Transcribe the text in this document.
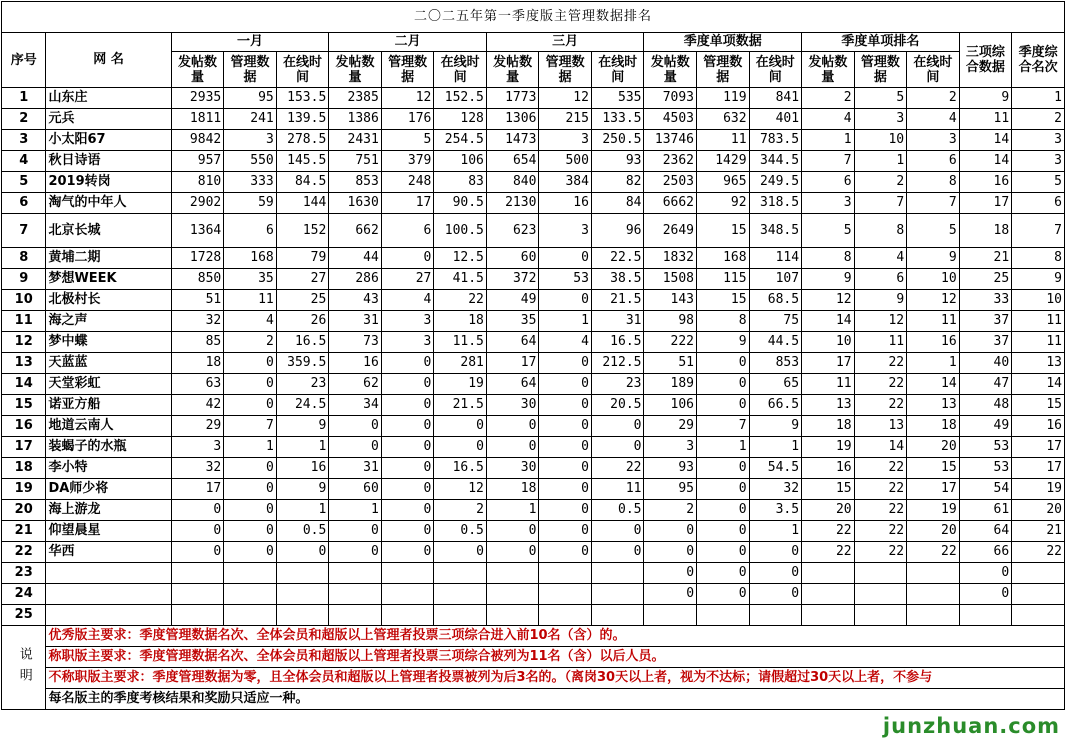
二〇二五年第一季度版主管理数据排名																		
序号	网 名	一月			二月			三月			季度单项数据			季度单项排名			三项综合数据	季度综合名次
		发帖数量	管理数据	在线时间	发帖数量	管理数据	在线时间	发帖数量	管理数据	在线时间	发帖数量	管理数据	在线时间	发帖数量	管理数据	在线时间		
1	山东庄	2935	95	153.5	2385	12	152.5	1773	12	535	7093	119	841	2	5	2	9	1
2	元兵	1811	241	139.5	1386	176	128	1306	215	133.5	4503	632	401	4	3	4	11	2
3	小太阳67	9842	3	278.5	2431	5	254.5	1473	3	250.5	13746	11	783.5	1	10	3	14	3
4	秋日诗语	957	550	145.5	751	379	106	654	500	93	2362	1429	344.5	7	1	6	14	3
5	2019转岗	810	333	84.5	853	248	83	840	384	82	2503	965	249.5	6	2	8	16	5
6	淘气的中年人	2902	59	144	1630	17	90.5	2130	16	84	6662	92	318.5	3	7	7	17	6
7	北京长城	1364	6	152	662	6	100.5	623	3	96	2649	15	348.5	5	8	5	18	7
8	黄埔二期	1728	168	79	44	0	12.5	60	0	22.5	1832	168	114	8	4	9	21	8
9	梦想WEEK	850	35	27	286	27	41.5	372	53	38.5	1508	115	107	9	6	10	25	9
10	北极村长	51	11	25	43	4	22	49	0	21.5	143	15	68.5	12	9	12	33	10
11	海之声	32	4	26	31	3	18	35	1	31	98	8	75	14	12	11	37	11
12	梦中蝶	85	2	16.5	73	3	11.5	64	4	16.5	222	9	44.5	10	11	16	37	11
13	天蓝蓝	18	0	359.5	16	0	281	17	0	212.5	51	0	853	17	22	1	40	13
14	天堂彩虹	63	0	23	62	0	19	64	0	23	189	0	65	11	22	14	47	14
15	诺亚方船	42	0	24.5	34	0	21.5	30	0	20.5	106	0	66.5	13	22	13	48	15
16	地道云南人	29	7	9	0	0	0	0	0	0	29	7	9	18	13	18	49	16
17	装蝎子的水瓶	3	1	1	0	0	0	0	0	0	3	1	1	19	14	20	53	17
18	李小特	32	0	16	31	0	16.5	30	0	22	93	0	54.5	16	22	15	53	17
19	DA师少将	17	0	9	60	0	12	18	0	11	95	0	32	15	22	17	54	19
20	海上游龙	0	0	1	1	0	2	1	0	0.5	2	0	3.5	20	22	19	61	20
21	仰望晨星	0	0	0.5	0	0	0.5	0	0	0	0	0	1	22	22	20	64	21
22	华西	0	0	0	0	0	0	0	0	0	0	0	0	22	22	22	66	22
23											0	0	0				0	
24											0	0	0				0	
25																		
说明	优秀版主要求：季度管理数据名次、全体会员和超版以上管理者投票三项综合进入前10名（含）的。																	
	称职版主要求：季度管理数据名次、全体会员和超版以上管理者投票三项综合被列为11名（含）以后人员。																	
	不称职版主要求：季度管理数据为零，且全体会员和超版以上管理者投票被列为后3名的。（离岗30天以上者，视为不达标；请假超过30天以上者，不参与																	
	每名版主的季度考核结果和奖励只适应一种。																	
junzhuan.com
